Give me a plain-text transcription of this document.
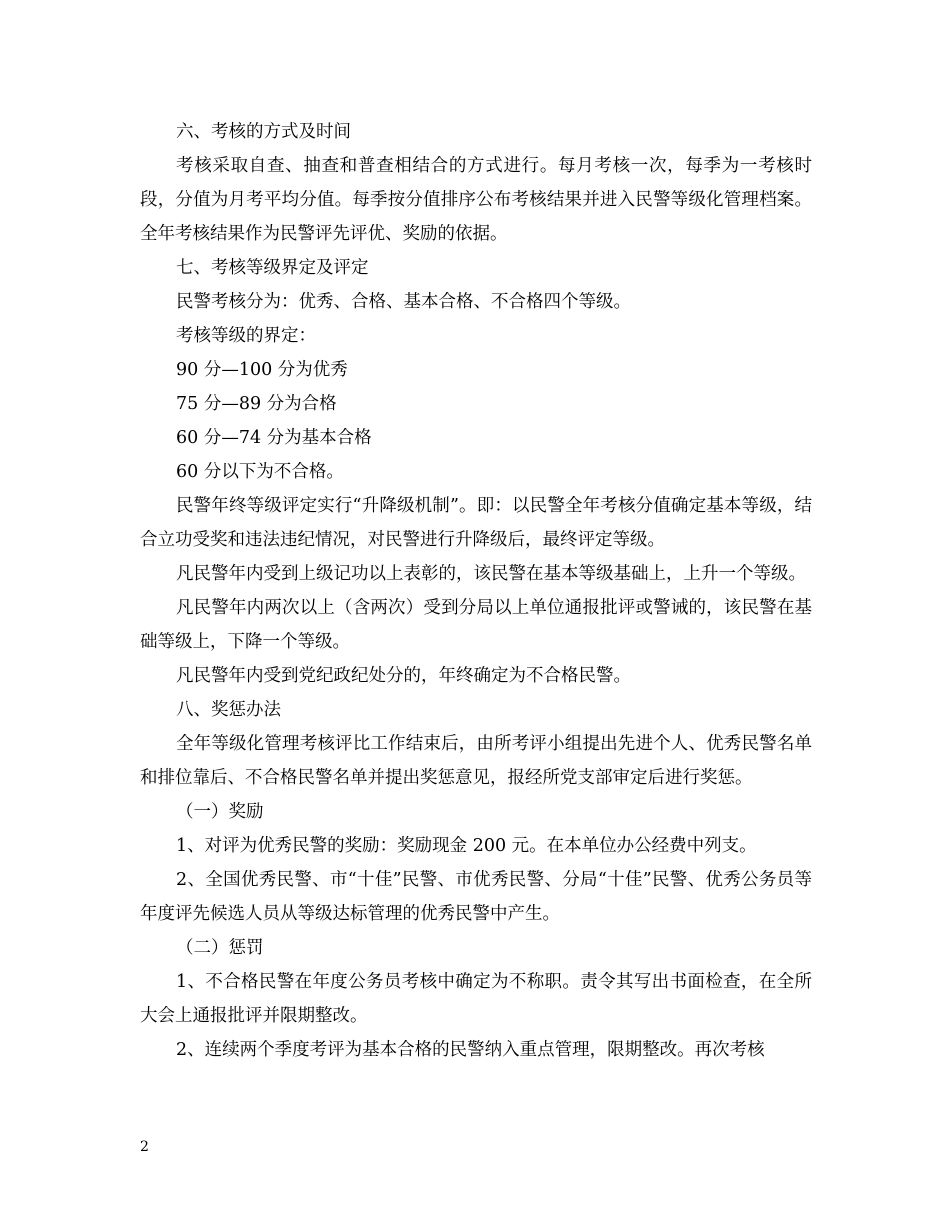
六、考核的方式及时间

考核采取自查、抽查和普查相结合的方式进行。每月考核一次，每季为一考核时段，分值为月考平均分值。每季按分值排序公布考核结果并进入民警等级化管理档案。全年考核结果作为民警评先评优、奖励的依据。

七、考核等级界定及评定

民警考核分为：优秀、合格、基本合格、不合格四个等级。

考核等级的界定：

90 分—100 分为优秀

75 分—89 分为合格

60 分—74 分为基本合格

60 分以下为不合格。

民警年终等级评定实行“升降级机制”。即：以民警全年考核分值确定基本等级，结合立功受奖和违法违纪情况，对民警进行升降级后，最终评定等级。

凡民警年内受到上级记功以上表彰的，该民警在基本等级基础上，上升一个等级。

凡民警年内两次以上（含两次）受到分局以上单位通报批评或警诫的，该民警在基础等级上，下降一个等级。

凡民警年内受到党纪政纪处分的，年终确定为不合格民警。

八、奖惩办法

全年等级化管理考核评比工作结束后，由所考评小组提出先进个人、优秀民警名单和排位靠后、不合格民警名单并提出奖惩意见，报经所党支部审定后进行奖惩。

（一）奖励

1、对评为优秀民警的奖励：奖励现金 200 元。在本单位办公经费中列支。

2、全国优秀民警、市“十佳”民警、市优秀民警、分局“十佳”民警、优秀公务员等年度评先候选人员从等级达标管理的优秀民警中产生。

（二）惩罚

1、不合格民警在年度公务员考核中确定为不称职。责令其写出书面检查，在全所大会上通报批评并限期整改。

2、连续两个季度考评为基本合格的民警纳入重点管理，限期整改。再次考核

2
